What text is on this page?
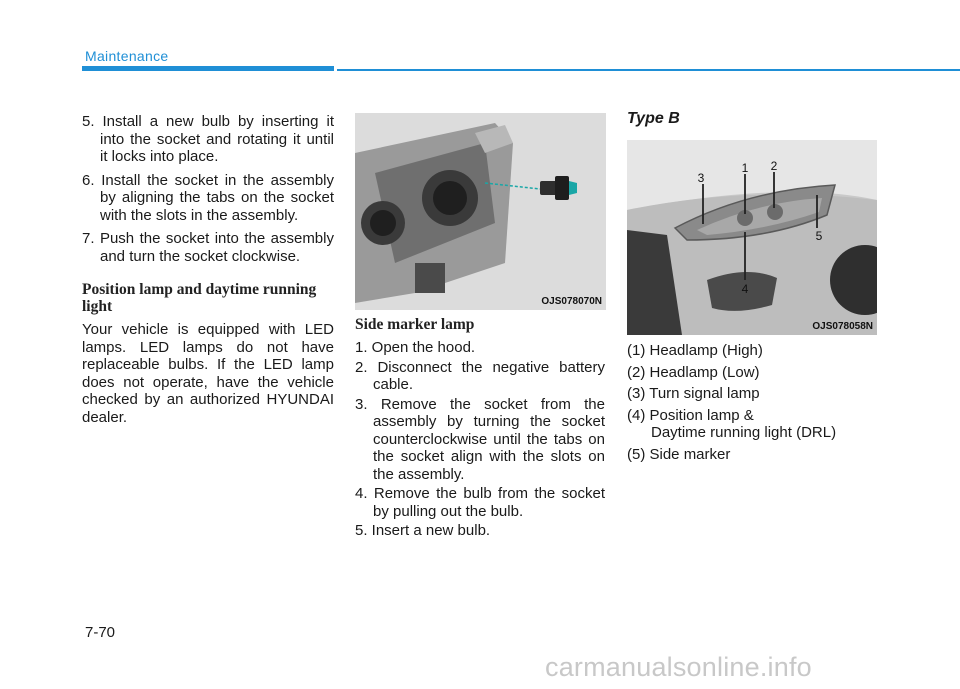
Maintenance

5. Install a new bulb by inserting it into the socket and rotating it until it locks into place.

6. Install the socket in the assembly by aligning the tabs on the socket with the slots in the assembly.

7. Push the socket into the assembly and turn the socket clockwise.

Position lamp and daytime running light

Your vehicle is equipped with LED lamps. LED lamps do not have replaceable bulbs. If the LED lamp does not operate, have the vehicle checked by an authorized HYUNDAI dealer.

OJS078070N
Side marker lamp

1. Open the hood.

2. Disconnect the negative battery cable.

3. Remove the socket from the assembly by turning the socket counterclockwise until the tabs on the socket align with the slots on the assembly.

4. Remove the bulb from the socket by pulling out the bulb.

5. Insert a new bulb.

Type B
3
1 2
4
5
OJS078058N
(1) Headlamp (High)
(2) Headlamp (Low)
(3) Turn signal lamp
(4) Position lamp &
Daytime running light (DRL)
(5) Side marker
7-70
carmanualsonline.info
